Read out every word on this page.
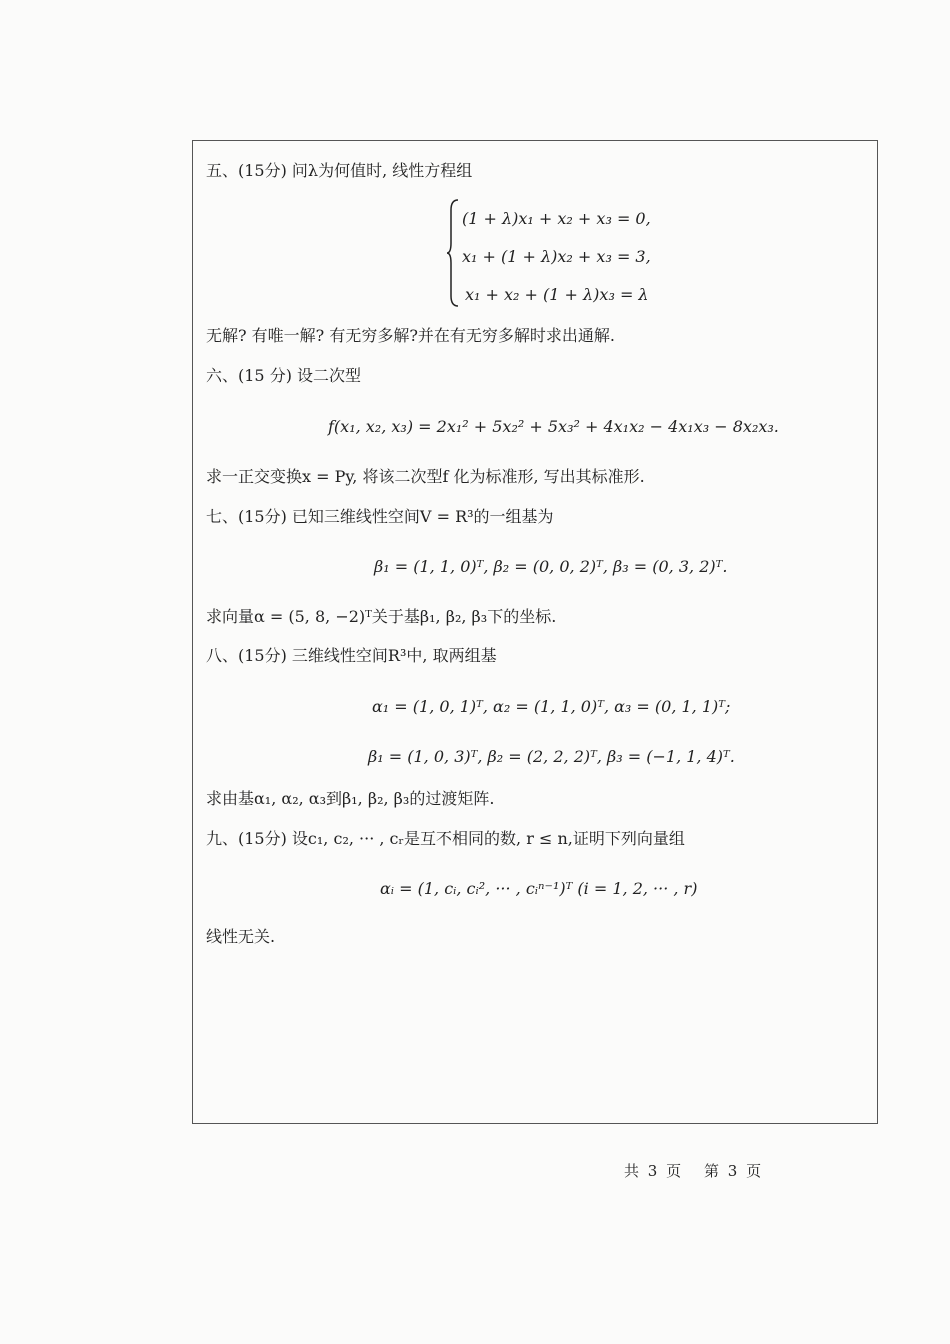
五、(15分) 问λ为何值时, 线性方程组
(1 + λ)x₁ + x₂ + x₃ = 0,
x₁ + (1 + λ)x₂ + x₃ = 3,
x₁ + x₂ + (1 + λ)x₃ = λ
无解? 有唯一解? 有无穷多解?并在有无穷多解时求出通解.
六、(15 分) 设二次型
f(x₁, x₂, x₃) = 2x₁² + 5x₂² + 5x₃² + 4x₁x₂ − 4x₁x₃ − 8x₂x₃.
求一正交变换x = Py, 将该二次型f 化为标准形, 写出其标准形.
七、(15分) 已知三维线性空间V = R³的一组基为
β₁ = (1, 1, 0)ᵀ, β₂ = (0, 0, 2)ᵀ, β₃ = (0, 3, 2)ᵀ.
求向量α = (5, 8, −2)ᵀ关于基β₁, β₂, β₃下的坐标.
八、(15分) 三维线性空间R³中, 取两组基
α₁ = (1, 0, 1)ᵀ, α₂ = (1, 1, 0)ᵀ, α₃ = (0, 1, 1)ᵀ;
β₁ = (1, 0, 3)ᵀ, β₂ = (2, 2, 2)ᵀ, β₃ = (−1, 1, 4)ᵀ.
求由基α₁, α₂, α₃到β₁, β₂, β₃的过渡矩阵.
九、(15分) 设c₁, c₂, ··· , cᵣ是互不相同的数, r ≤ n,证明下列向量组
αᵢ = (1, cᵢ, cᵢ², ··· , cᵢⁿ⁻¹)ᵀ (i = 1, 2, ··· , r)
线性无关.
共 3 页 第 3 页
